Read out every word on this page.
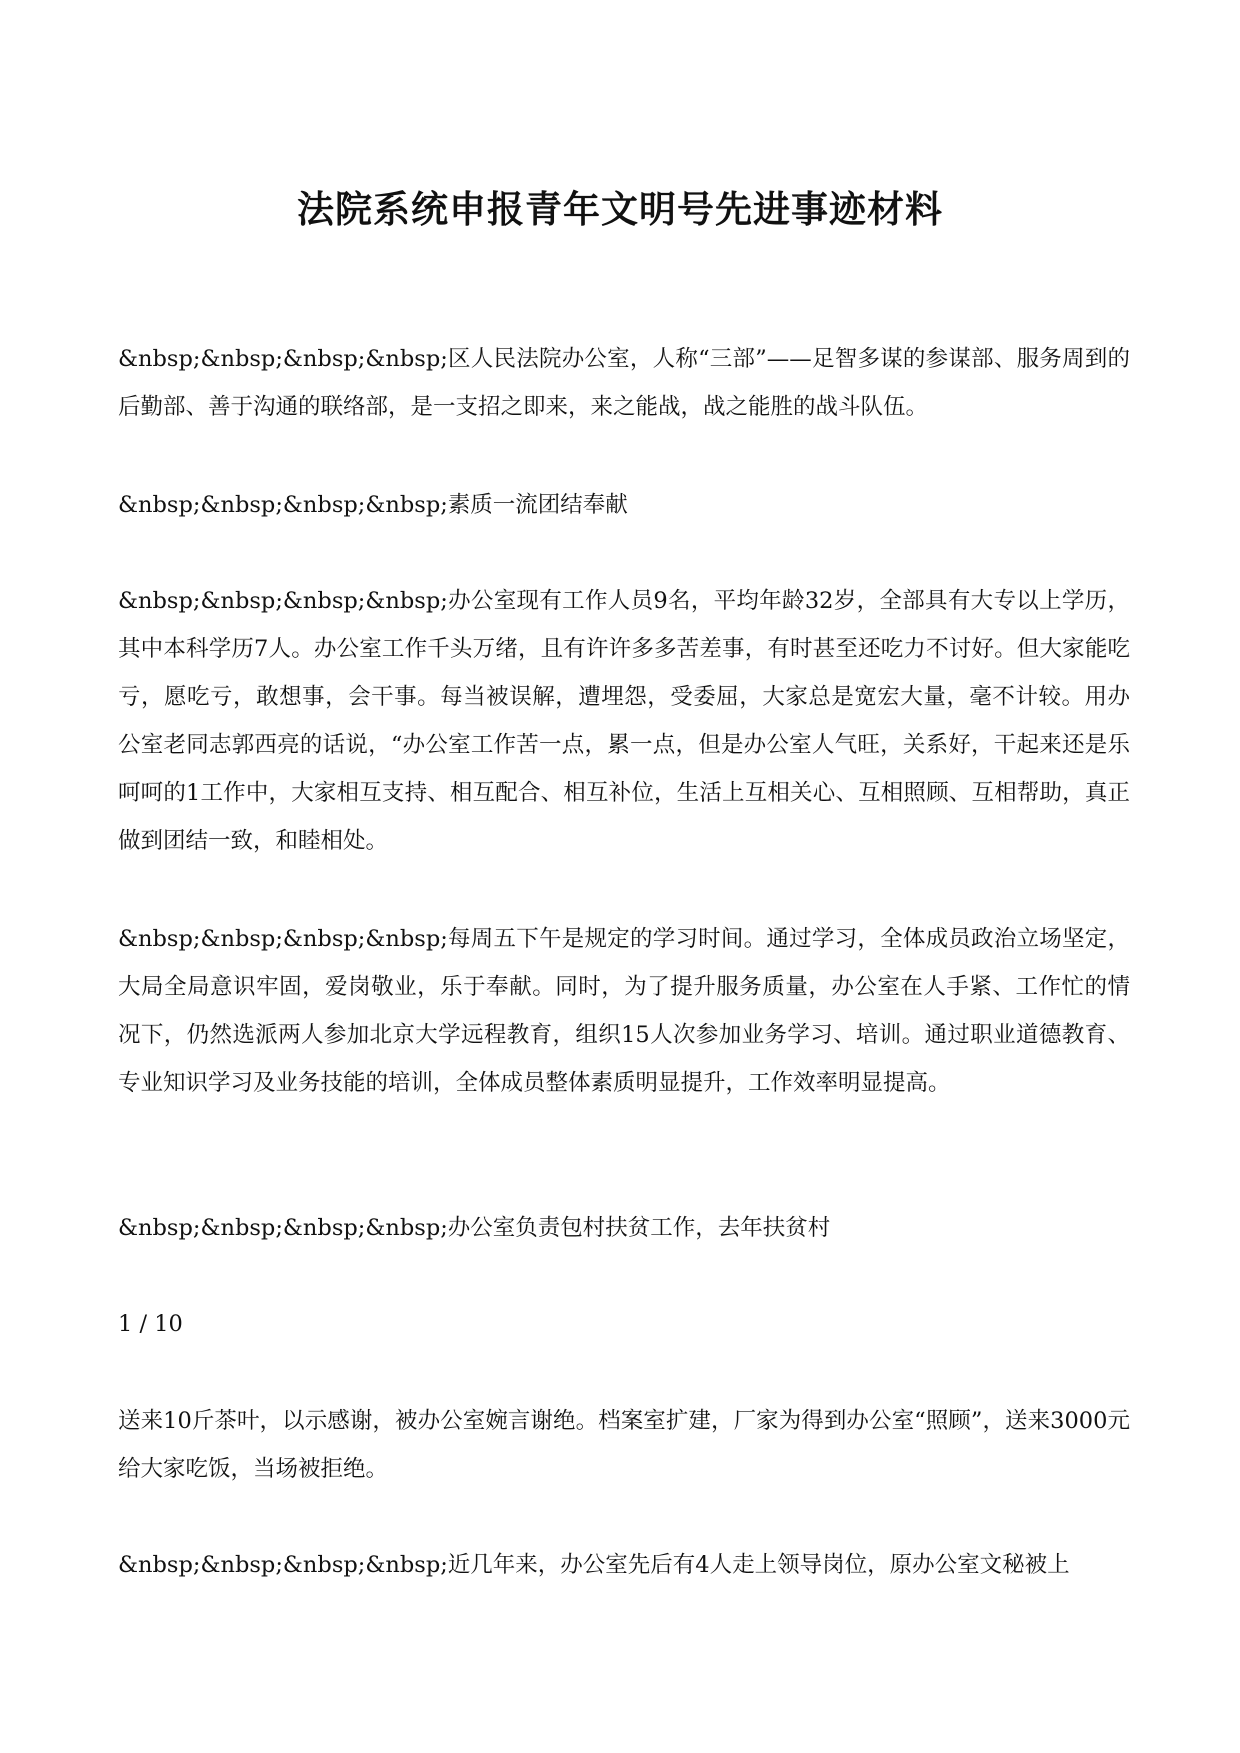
法院系统申报青年文明号先进事迹材料

&nbsp;&nbsp;&nbsp;&nbsp;区人民法院办公室，人称“三部”——足智多谋的参谋部、服务周到的后勤部、善于沟通的联络部，是一支招之即来，来之能战，战之能胜的战斗队伍。

&nbsp;&nbsp;&nbsp;&nbsp;素质一流团结奉献

&nbsp;&nbsp;&nbsp;&nbsp;办公室现有工作人员9名，平均年龄32岁，全部具有大专以上学历，其中本科学历7人。办公室工作千头万绪，且有许许多多苦差事，有时甚至还吃力不讨好。但大家能吃亏，愿吃亏，敢想事，会干事。每当被误解，遭埋怨，受委屈，大家总是宽宏大量，毫不计较。用办公室老同志郭西亮的话说，“办公室工作苦一点，累一点，但是办公室人气旺，关系好，干起来还是乐呵呵的1工作中，大家相互支持、相互配合、相互补位，生活上互相关心、互相照顾、互相帮助，真正做到团结一致，和睦相处。

&nbsp;&nbsp;&nbsp;&nbsp;每周五下午是规定的学习时间。通过学习，全体成员政治立场坚定，大局全局意识牢固，爱岗敬业，乐于奉献。同时，为了提升服务质量，办公室在人手紧、工作忙的情况下，仍然选派两人参加北京大学远程教育，组织15人次参加业务学习、培训。通过职业道德教育、专业知识学习及业务技能的培训，全体成员整体素质明显提升，工作效率明显提高。

&nbsp;&nbsp;&nbsp;&nbsp;办公室负责包村扶贫工作，去年扶贫村

1 / 10

送来10斤茶叶，以示感谢，被办公室婉言谢绝。档案室扩建，厂家为得到办公室“照顾”，送来3000元给大家吃饭，当场被拒绝。

&nbsp;&nbsp;&nbsp;&nbsp;近几年来，办公室先后有4人走上领导岗位，原办公室文秘被上
